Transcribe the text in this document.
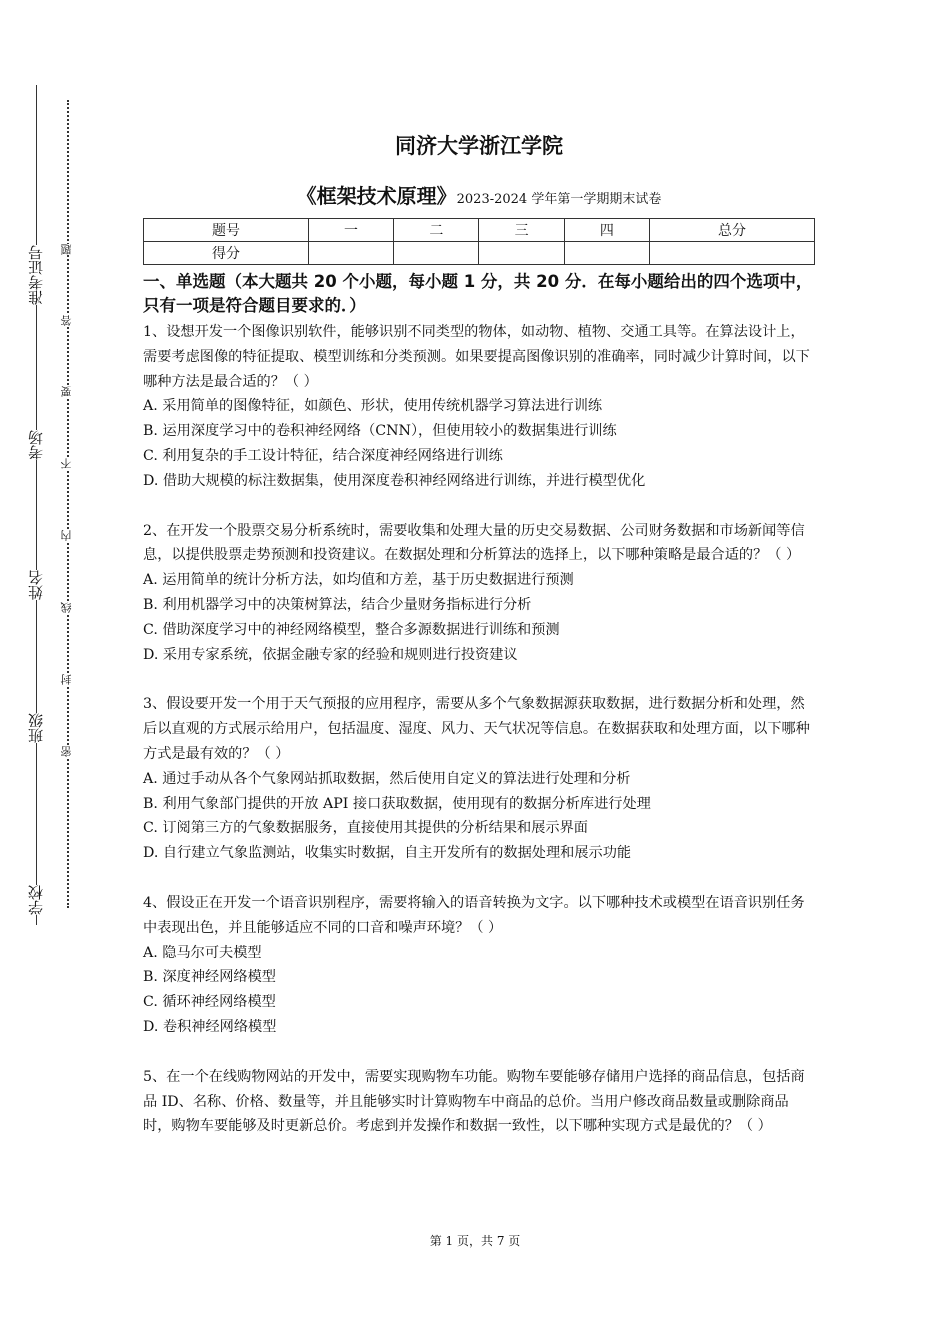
准考证号
考场
姓名
班级
学校
题
答
要
不
内
线
封
密
同济大学浙江学院
《框架技术原理》2023-2024 学年第一学期期末试卷
题号	一	二	三	四	总分
得分					
一、单选题（本大题共 20 个小题，每小题 1 分，共 20 分．在每小题给出的四个选项中，只有一项是符合题目要求的．）
1、设想开发一个图像识别软件，能够识别不同类型的物体，如动物、植物、交通工具等。在算法设计上，需要考虑图像的特征提取、模型训练和分类预测。如果要提高图像识别的准确率，同时减少计算时间，以下哪种方法是最合适的？（ ）
A. 采用简单的图像特征，如颜色、形状，使用传统机器学习算法进行训练
B. 运用深度学习中的卷积神经网络（CNN），但使用较小的数据集进行训练
C. 利用复杂的手工设计特征，结合深度神经网络进行训练
D. 借助大规模的标注数据集，使用深度卷积神经网络进行训练，并进行模型优化
2、在开发一个股票交易分析系统时，需要收集和处理大量的历史交易数据、公司财务数据和市场新闻等信息，以提供股票走势预测和投资建议。在数据处理和分析算法的选择上，以下哪种策略是最合适的？（ ）
A. 运用简单的统计分析方法，如均值和方差，基于历史数据进行预测
B. 利用机器学习中的决策树算法，结合少量财务指标进行分析
C. 借助深度学习中的神经网络模型，整合多源数据进行训练和预测
D. 采用专家系统，依据金融专家的经验和规则进行投资建议
3、假设要开发一个用于天气预报的应用程序，需要从多个气象数据源获取数据，进行数据分析和处理，然后以直观的方式展示给用户，包括温度、湿度、风力、天气状况等信息。在数据获取和处理方面，以下哪种方式是最有效的？（ ）
A. 通过手动从各个气象网站抓取数据，然后使用自定义的算法进行处理和分析
B. 利用气象部门提供的开放 API 接口获取数据，使用现有的数据分析库进行处理
C. 订阅第三方的气象数据服务，直接使用其提供的分析结果和展示界面
D. 自行建立气象监测站，收集实时数据，自主开发所有的数据处理和展示功能
4、假设正在开发一个语音识别程序，需要将输入的语音转换为文字。以下哪种技术或模型在语音识别任务中表现出色，并且能够适应不同的口音和噪声环境？（ ）
A. 隐马尔可夫模型
B. 深度神经网络模型
C. 循环神经网络模型
D. 卷积神经网络模型
5、在一个在线购物网站的开发中，需要实现购物车功能。购物车要能够存储用户选择的商品信息，包括商品 ID、名称、价格、数量等，并且能够实时计算购物车中商品的总价。当用户修改商品数量或删除商品时，购物车要能够及时更新总价。考虑到并发操作和数据一致性，以下哪种实现方式是最优的？（ ）
第 1 页，共 7 页
